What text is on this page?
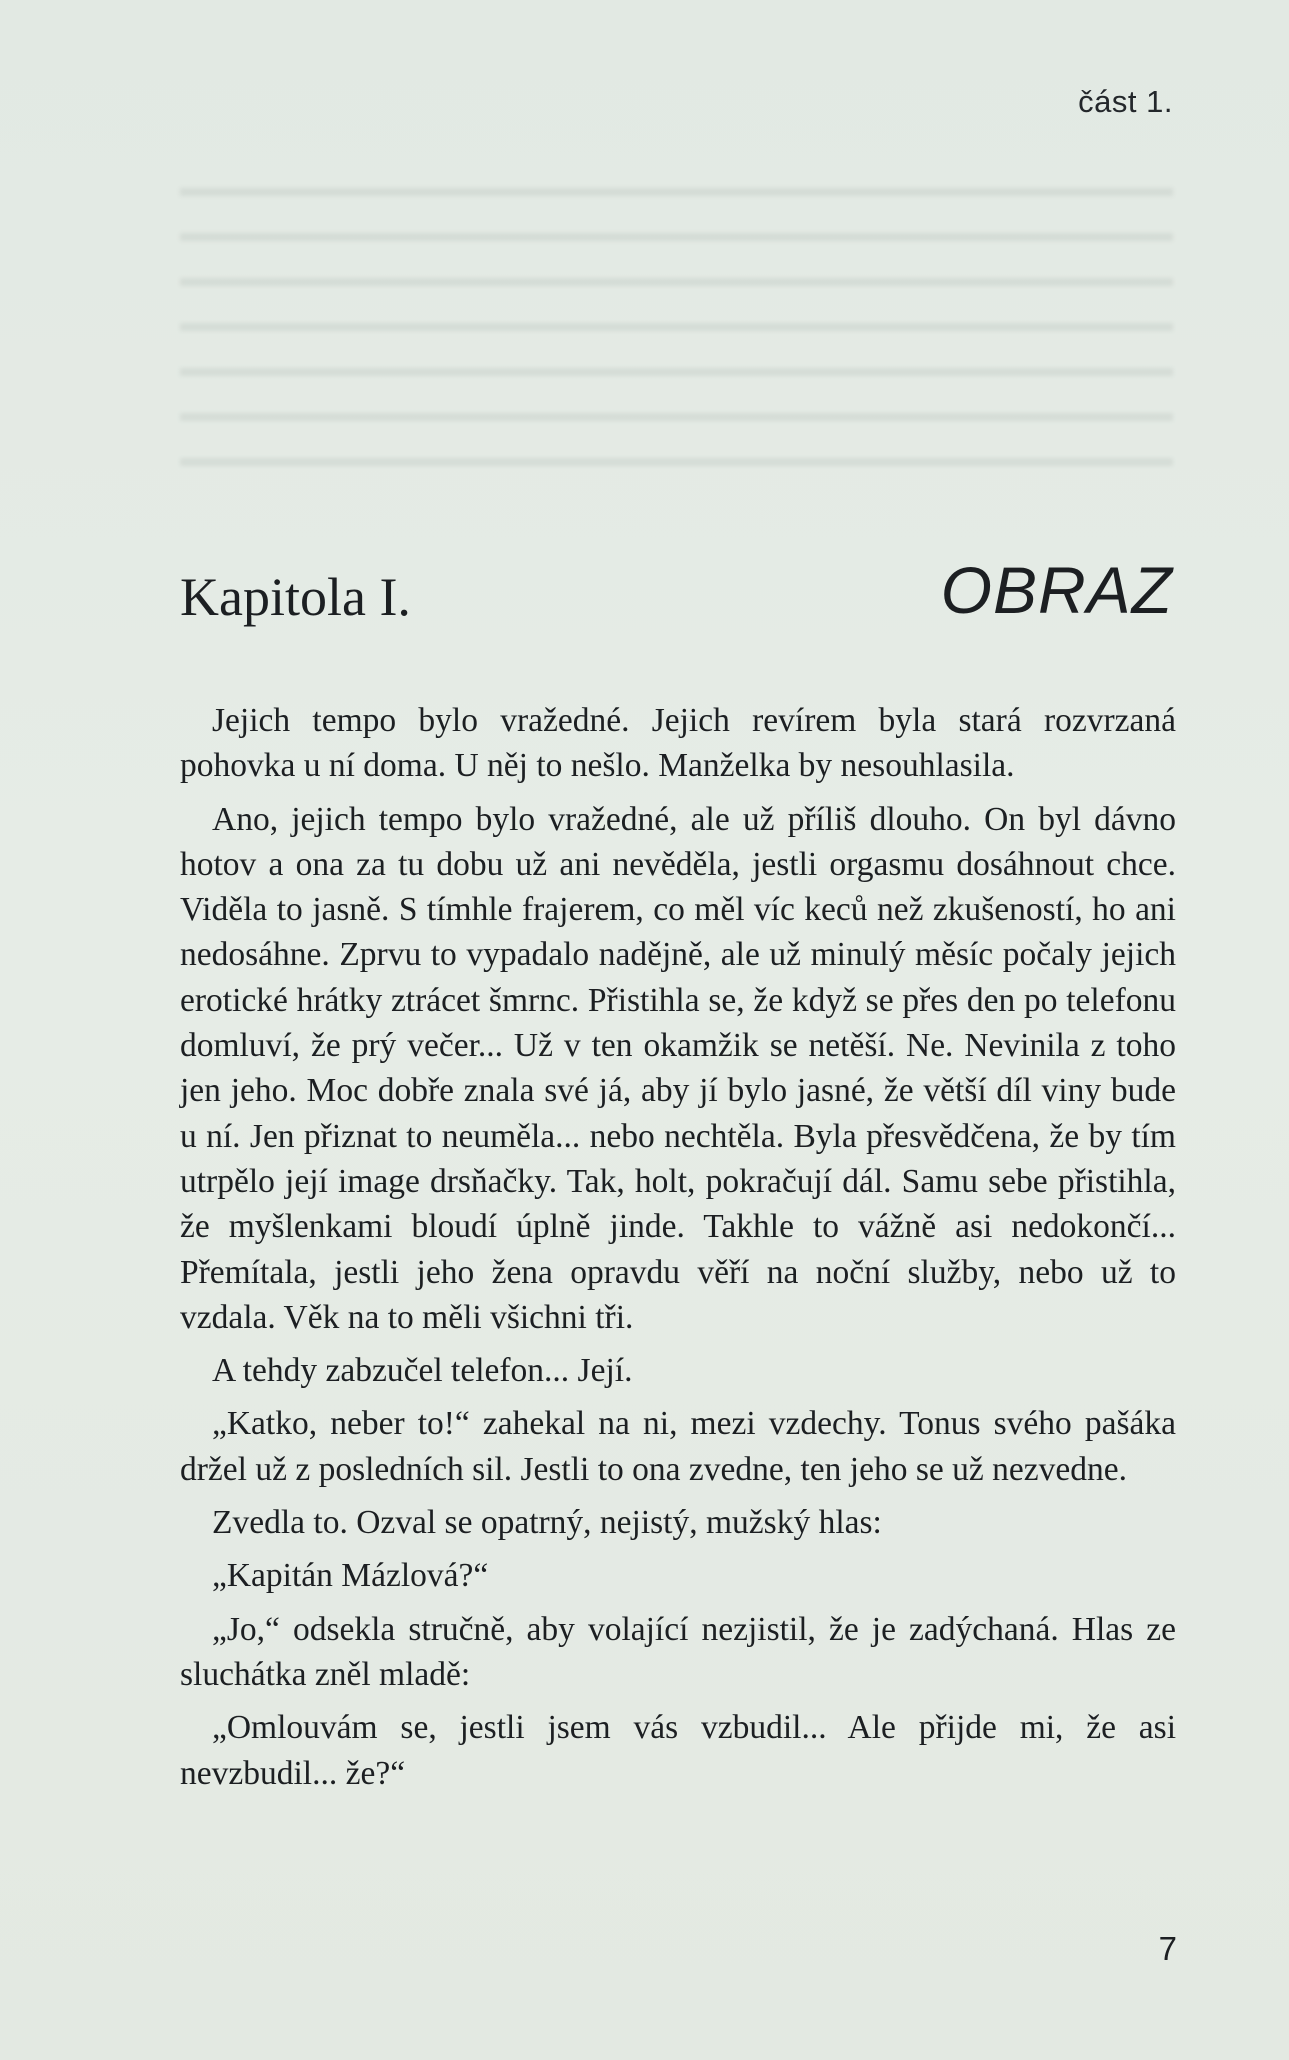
část 1.
Kapitola I.	OBRAZ

Jejich tempo bylo vražedné. Jejich revírem byla stará rozvrzaná pohovka u ní doma. U něj to nešlo. Manželka by nesouhlasila.

Ano, jejich tempo bylo vražedné, ale už příliš dlouho. On byl dávno hotov a ona za tu dobu už ani nevěděla, jestli orgasmu dosáhnout chce. Viděla to jasně. S tímhle frajerem, co měl víc keců než zkušeností, ho ani nedosáhne. Zprvu to vypadalo nadějně, ale už minulý měsíc počaly jejich erotické hrátky ztrácet šmrnc. Přistihla se, že když se přes den po telefonu domluví, že prý večer... Už v ten okamžik se netěší. Ne. Nevinila z toho jen jeho. Moc dobře znala své já, aby jí bylo jasné, že větší díl viny bude u ní. Jen přiznat to neuměla... nebo nechtěla. Byla přesvědčena, že by tím utrpělo její image drsňačky. Tak, holt, pokračují dál. Samu sebe přistihla, že myšlenkami bloudí úplně jinde. Takhle to vážně asi nedokončí... Přemítala, jestli jeho žena opravdu věří na noční služby, nebo už to vzdala. Věk na to měli všichni tři.

A tehdy zabzučel telefon... Její.

„Katko, neber to!“ zahekal na ni, mezi vzdechy. Tonus svého pašáka držel už z posledních sil. Jestli to ona zvedne, ten jeho se už nezvedne.

Zvedla to. Ozval se opatrný, nejistý, mužský hlas:

„Kapitán Mázlová?“

„Jo,“ odsekla stručně, aby volající nezjistil, že je zadýchaná. Hlas ze sluchátka zněl mladě:

„Omlouvám se, jestli jsem vás vzbudil... Ale přijde mi, že asi nevzbudil... že?“

7
